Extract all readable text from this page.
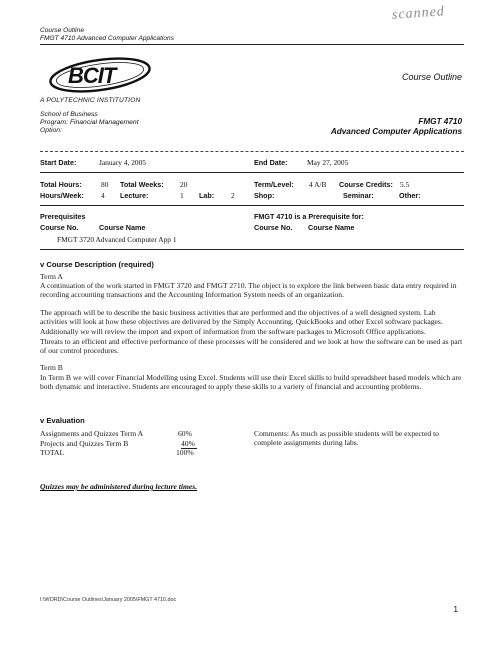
scanned
Course Outline
FMGT 4710 Advanced Computer Applications
BCIT
A POLYTECHNIC INSTITUTION
Course Outline
School of Business
Program: Financial Management
Option:
FMGT 4710
Advanced Computer Applications
Start Date:	January 4, 2005	End Date:	May 27, 2005
Total Hours:	80 Total Weeks: 20	Term/Level: 4 A/B Course Credits: 5.5
Hours/Week: 4 Lecture:	1 Lab: 2	Shop:	Seminar:	Other:
Prerequisites
Course No.	Course Name
FMGT 3720 Advanced Computer App 1
FMGT 4710 is a Prerequisite for:
Course No. Course Name
v Course Description (required)
Term A
A continuation of the work started in FMGT 3720 and FMGT 2710. The object is to explore the link between basic data entry required in recording accounting transactions and the Accounting Information System needs of an organization.
The approach will be to describe the basic business activities that are performed and the objectives of a well designed system. Lab activities will look at how these objectives are delivered by the Simply Accounting, QuickBooks and other Excel software packages. Additionally we will review the import and export of information from the software packages to Microsoft Office applications.
Threats to an efficient and effective performance of these processes will be considered and we look at how the software can be used as part of our control procedures.
Term B
In Term B we will cover Financial Modelling using Excel. Students will use their Excel skills to build spreadsheet based models which are both dynamic and interactive. Students are encouraged to apply these skills to a variety of financial and accounting problems.
v Evaluation
Assignments and Quizzes Term A	60%
Projects and Quizzes Term B	40%
TOTAL	100%
Comments: As much as possible students will be expected to complete assignments during labs.
Quizzes may be administered during lecture times.
I:\WORD\Course Outlines\January 2005\FMGT 4710.doc
1
